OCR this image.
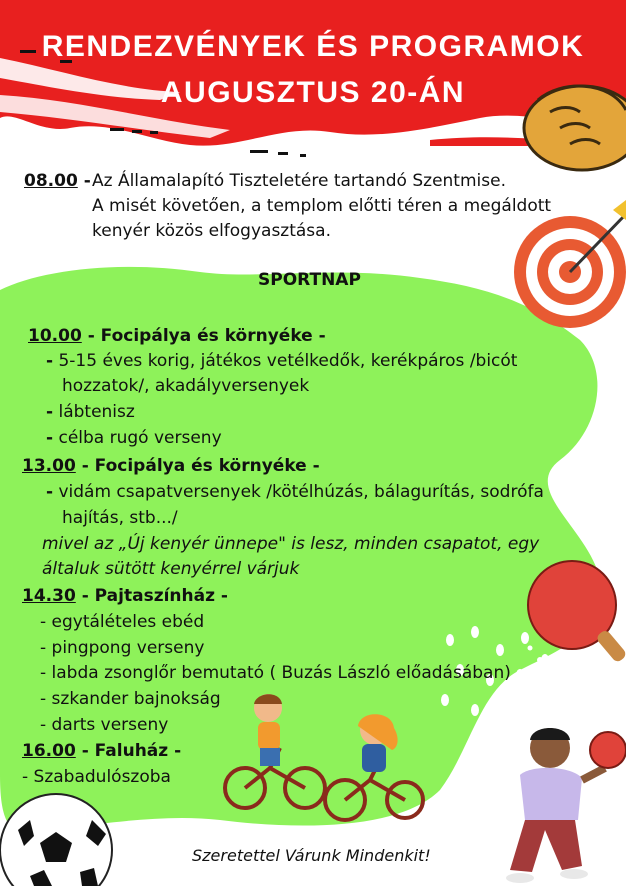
RENDEZVÉNYEK ÉS PROGRAMOK
AUGUSZTUS 20-ÁN
08.00 - Az Államalapító Tiszteletére tartandó Szentmise.
A misét követően, a templom előtti téren a megáldott
kenyér közös elfogyasztása.
SPORTNAP
10.00 - Focipálya és környéke -
- 5-15 éves korig, játékos vetélkedők, kerékpáros /bicót
hozzatok/, akadályversenyek
- lábtenisz
- célba rugó verseny
13.00 - Focipálya és környéke -
- vidám csapatversenyek /kötélhúzás, bálagurítás, sodrófa
hajítás, stb.../
mivel az „Új kenyér ünnepe" is lesz, minden csapatot, egy
általuk sütött kenyérrel várjuk
14.30 - Pajtaszínház -
- egytálételes ebéd
- pingpong verseny
- labda zsonglőr bemutató ( Buzás László előadásában)
- szkander bajnokság
- darts verseny
16.00 - Faluház -
- Szabadulószoba
Szeretettel Várunk Mindenkit!
